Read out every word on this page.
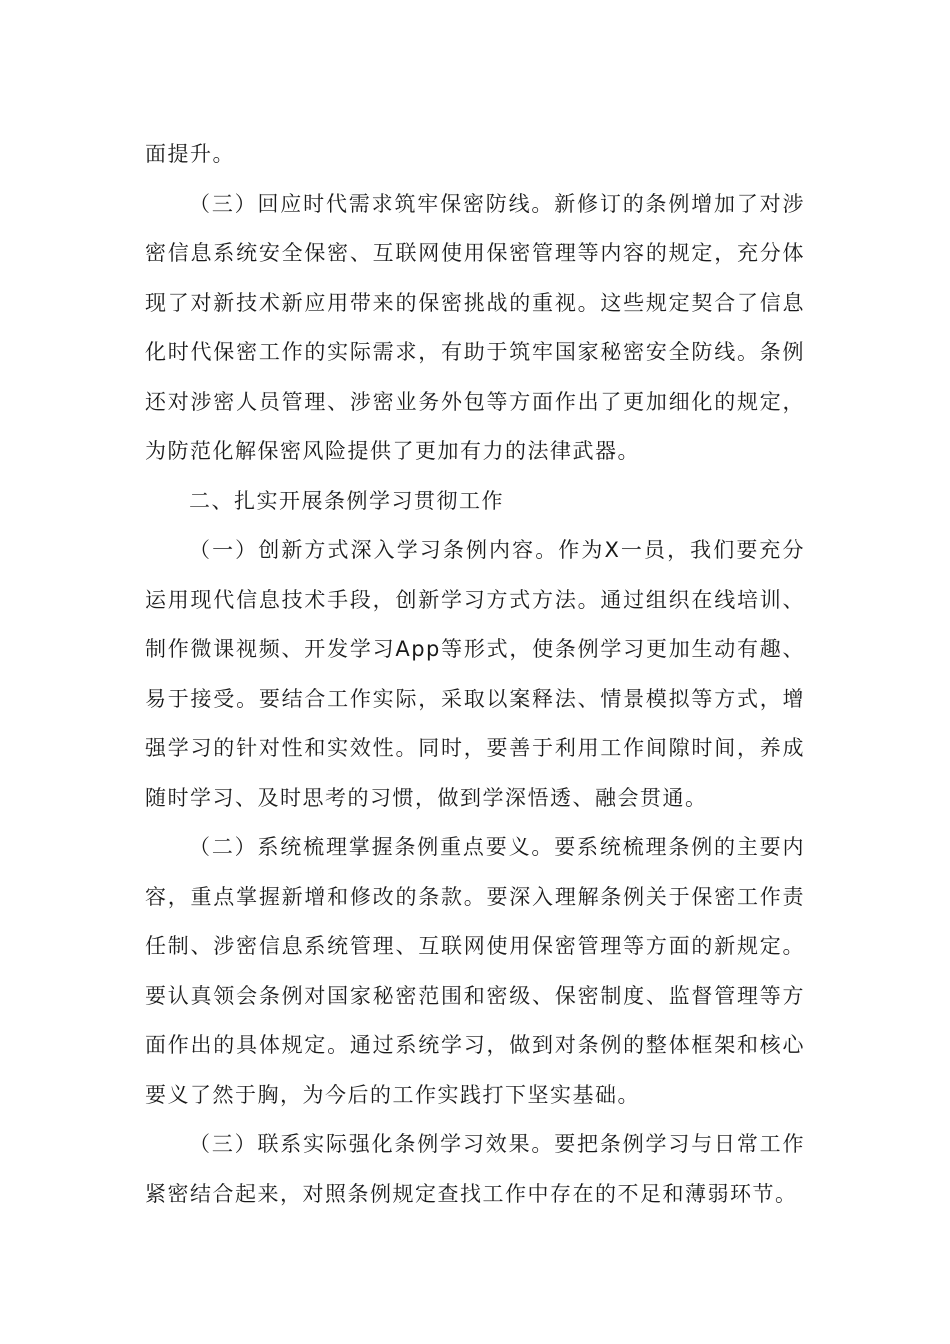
面提升。

（三）回应时代需求筑牢保密防线。新修订的条例增加了对涉密信息系统安全保密、互联网使用保密管理等内容的规定，充分体现了对新技术新应用带来的保密挑战的重视。这些规定契合了信息化时代保密工作的实际需求，有助于筑牢国家秘密安全防线。条例还对涉密人员管理、涉密业务外包等方面作出了更加细化的规定，为防范化解保密风险提供了更加有力的法律武器。

二、扎实开展条例学习贯彻工作

（一）创新方式深入学习条例内容。作为X一员，我们要充分运用现代信息技术手段，创新学习方式方法。通过组织在线培训、制作微课视频、开发学习App等形式，使条例学习更加生动有趣、易于接受。要结合工作实际，采取以案释法、情景模拟等方式，增强学习的针对性和实效性。同时，要善于利用工作间隙时间，养成随时学习、及时思考的习惯，做到学深悟透、融会贯通。

（二）系统梳理掌握条例重点要义。要系统梳理条例的主要内容，重点掌握新增和修改的条款。要深入理解条例关于保密工作责任制、涉密信息系统管理、互联网使用保密管理等方面的新规定。要认真领会条例对国家秘密范围和密级、保密制度、监督管理等方面作出的具体规定。通过系统学习，做到对条例的整体框架和核心要义了然于胸，为今后的工作实践打下坚实基础。

（三）联系实际强化条例学习效果。要把条例学习与日常工作紧密结合起来，对照条例规定查找工作中存在的不足和薄弱环节。
